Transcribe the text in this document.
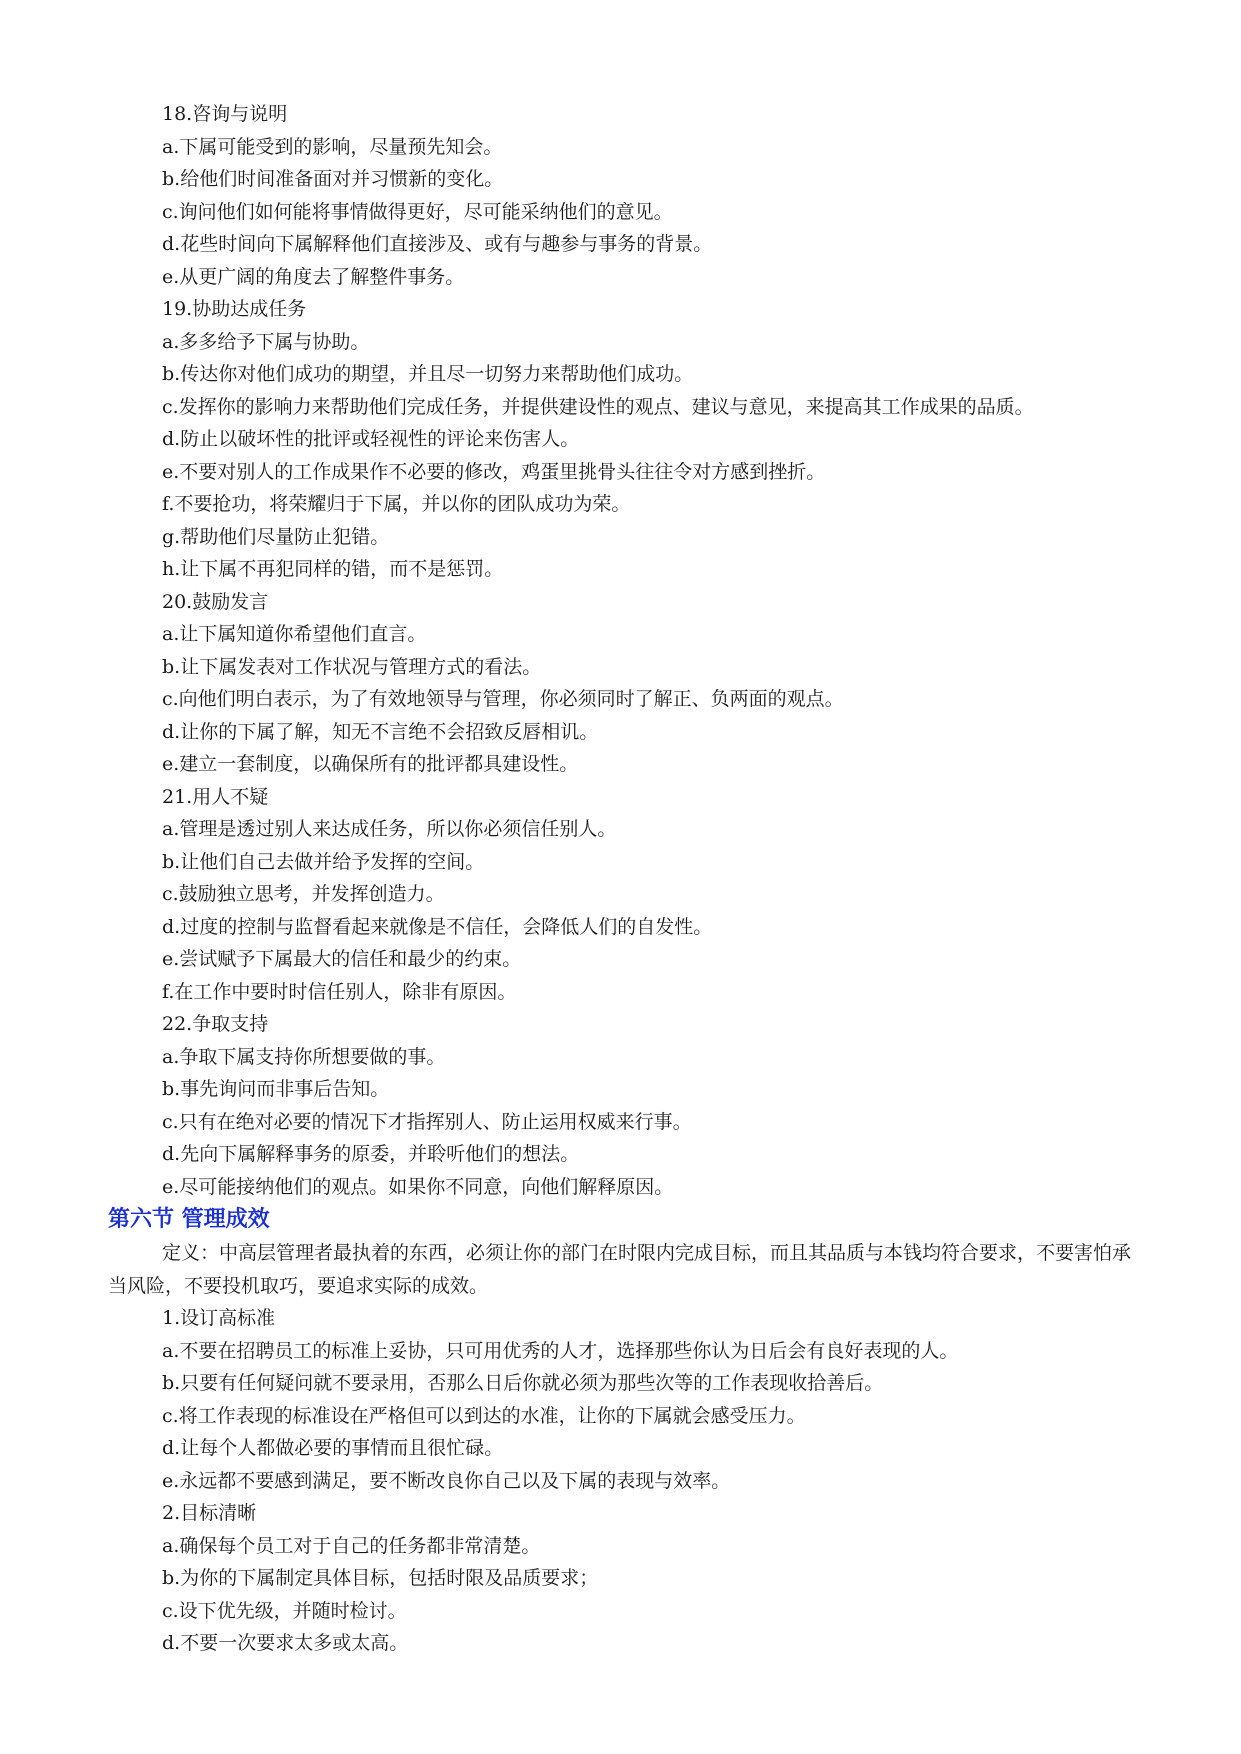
18.咨询与说明
a.下属可能受到的影响，尽量预先知会。
b.给他们时间准备面对并习惯新的变化。
c.询问他们如何能将事情做得更好，尽可能采纳他们的意见。
d.花些时间向下属解释他们直接涉及、或有与趣参与事务的背景。
e.从更广阔的角度去了解整件事务。
19.协助达成任务
a.多多给予下属与协助。
b.传达你对他们成功的期望，并且尽一切努力来帮助他们成功。
c.发挥你的影响力来帮助他们完成任务，并提供建设性的观点、建议与意见，来提高其工作成果的品质。
d.防止以破坏性的批评或轻视性的评论来伤害人。
e.不要对别人的工作成果作不必要的修改，鸡蛋里挑骨头往往令对方感到挫折。
f.不要抢功，将荣耀归于下属，并以你的团队成功为荣。
g.帮助他们尽量防止犯错。
h.让下属不再犯同样的错，而不是惩罚。
20.鼓励发言
a.让下属知道你希望他们直言。
b.让下属发表对工作状况与管理方式的看法。
c.向他们明白表示，为了有效地领导与管理，你必须同时了解正、负两面的观点。
d.让你的下属了解，知无不言绝不会招致反唇相讥。
e.建立一套制度，以确保所有的批评都具建设性。
21.用人不疑
a.管理是透过别人来达成任务，所以你必须信任别人。
b.让他们自己去做并给予发挥的空间。
c.鼓励独立思考，并发挥创造力。
d.过度的控制与监督看起来就像是不信任，会降低人们的自发性。
e.尝试赋予下属最大的信任和最少的约束。
f.在工作中要时时信任别人，除非有原因。
22.争取支持
a.争取下属支持你所想要做的事。
b.事先询问而非事后告知。
c.只有在绝对必要的情况下才指挥别人、防止运用权威来行事。
d.先向下属解释事务的原委，并聆听他们的想法。
e.尽可能接纳他们的观点。如果你不同意，向他们解释原因。
第六节 管理成效
定义：中高层管理者最执着的东西，必须让你的部门在时限内完成目标，而且其品质与本钱均符合要求，不要害怕承当风险，不要投机取巧，要追求实际的成效。
1.设订高标准
a.不要在招聘员工的标准上妥协，只可用优秀的人才，选择那些你认为日后会有良好表现的人。
b.只要有任何疑问就不要录用，否那么日后你就必须为那些次等的工作表现收拾善后。
c.将工作表现的标准设在严格但可以到达的水准，让你的下属就会感受压力。
d.让每个人都做必要的事情而且很忙碌。
e.永远都不要感到满足，要不断改良你自己以及下属的表现与效率。
2.目标清晰
a.确保每个员工对于自己的任务都非常清楚。
b.为你的下属制定具体目标，包括时限及品质要求；
c.设下优先级，并随时检讨。
d.不要一次要求太多或太高。
